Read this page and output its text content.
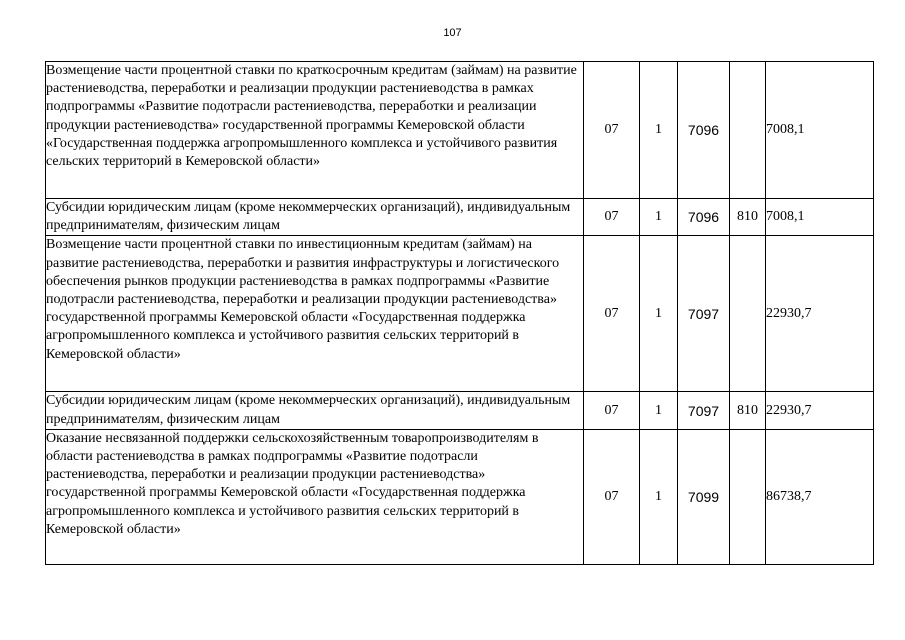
107
Возмещение части процентной ставки по краткосрочным кредитам (займам) на развитие растениеводства, переработки и реализации продукции растениеводства в рамках подпрограммы «Развитие подотрасли растениеводства, переработки и реализации продукции растениеводства» государственной программы Кемеровской области «Государственная поддержка агропромышленного комплекса и устойчивого развития сельских территорий в Кемеровской области»	07	1	7096		7008,1
Субсидии юридическим лицам (кроме некоммерческих организаций), индивидуальным предпринимателям, физическим лицам	07	1	7096	810	7008,1
Возмещение части процентной ставки по инвестиционным кредитам (займам) на развитие растениеводства, переработки и развития инфраструктуры и логистического обеспечения рынков продукции растениеводства в рамках подпрограммы «Развитие подотрасли растениеводства, переработки и реализации продукции растениеводства» государственной программы Кемеровской области «Государственная поддержка агропромышленного комплекса и устойчивого развития сельских территорий в Кемеровской области»	07	1	7097		22930,7
Субсидии юридическим лицам (кроме некоммерческих организаций), индивидуальным предпринимателям, физическим лицам	07	1	7097	810	22930,7
Оказание несвязанной поддержки сельскохозяйственным товаропроизводителям в области растениеводства в рамках подпрограммы «Развитие подотрасли растениеводства, переработки и реализации продукции растениеводства» государственной программы Кемеровской области «Государственная поддержка агропромышленного комплекса и устойчивого развития сельских территорий в Кемеровской области»	07	1	7099		86738,7
